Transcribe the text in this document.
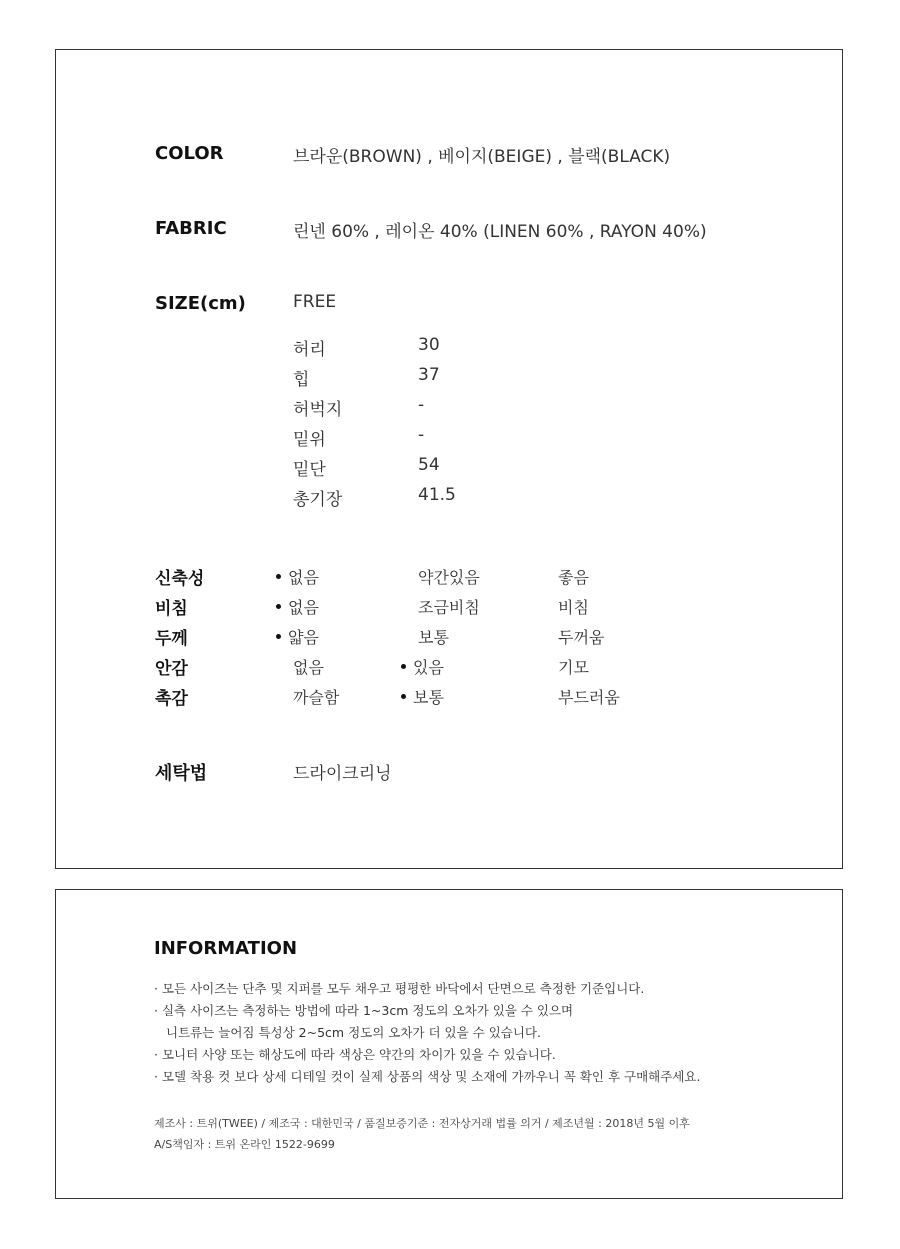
COLOR	브라운(BROWN) , 베이지(BEIGE) , 블랙(BLACK)
FABRIC	린넨 60% , 레이온 40% (LINEN 60% , RAYON 40%)
SIZE(cm)	FREE
허리	30
힙	37
허벅지	-
밑위	-
밑단	54
총기장	41.5
신축성	없음	약간있음	좋음
비침	없음	조금비침	비침
두께	얇음	보통	두꺼움
안감	없음	있음	기모
촉감	까슬함	보통	부드러움
세탁법	드라이크리닝
INFORMATION
· 모든 사이즈는 단추 및 지퍼를 모두 채우고 평평한 바닥에서 단면으로 측정한 기준입니다.
· 실측 사이즈는 측정하는 방법에 따라 1~3cm 정도의 오차가 있을 수 있으며
니트류는 늘어짐 특성상 2~5cm 정도의 오차가 더 있을 수 있습니다.
· 모니터 사양 또는 해상도에 따라 색상은 약간의 차이가 있을 수 있습니다.
· 모델 착용 컷 보다 상세 디테일 컷이 실제 상품의 색상 및 소재에 가까우니 꼭 확인 후 구매해주세요.
제조사 : 트위(TWEE) / 제조국 : 대한민국 / 품질보증기준 : 전자상거래 법률 의거 / 제조년월 : 2018년 5월 이후
A/S책임자 : 트위 온라인 1522-9699
